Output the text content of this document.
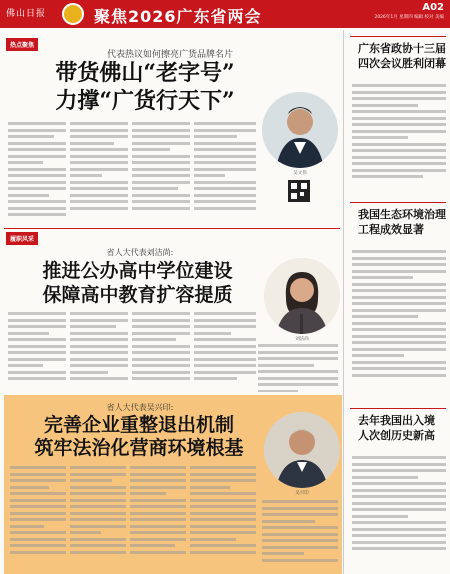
佛山日报	聚焦2026广东省两会	A02
2026年1月 星期四 编辑 校对 美编
热点聚焦
代表热议如何擦亮广货品牌名片
带货佛山“老字号”
力撑“广货行天下”
吴文伟
履职风采
省人大代表刘洁尚:
推进公办高中学位建设
保障高中教育扩容提质
刘洁尚
省人大代表吴兴印:
完善企业重整退出机制
筑牢法治化营商环境根基
吴兴印
广东省政协十三届
四次会议胜利闭幕
我国生态环境治理
工程成效显著
去年我国出入境
人次创历史新高
